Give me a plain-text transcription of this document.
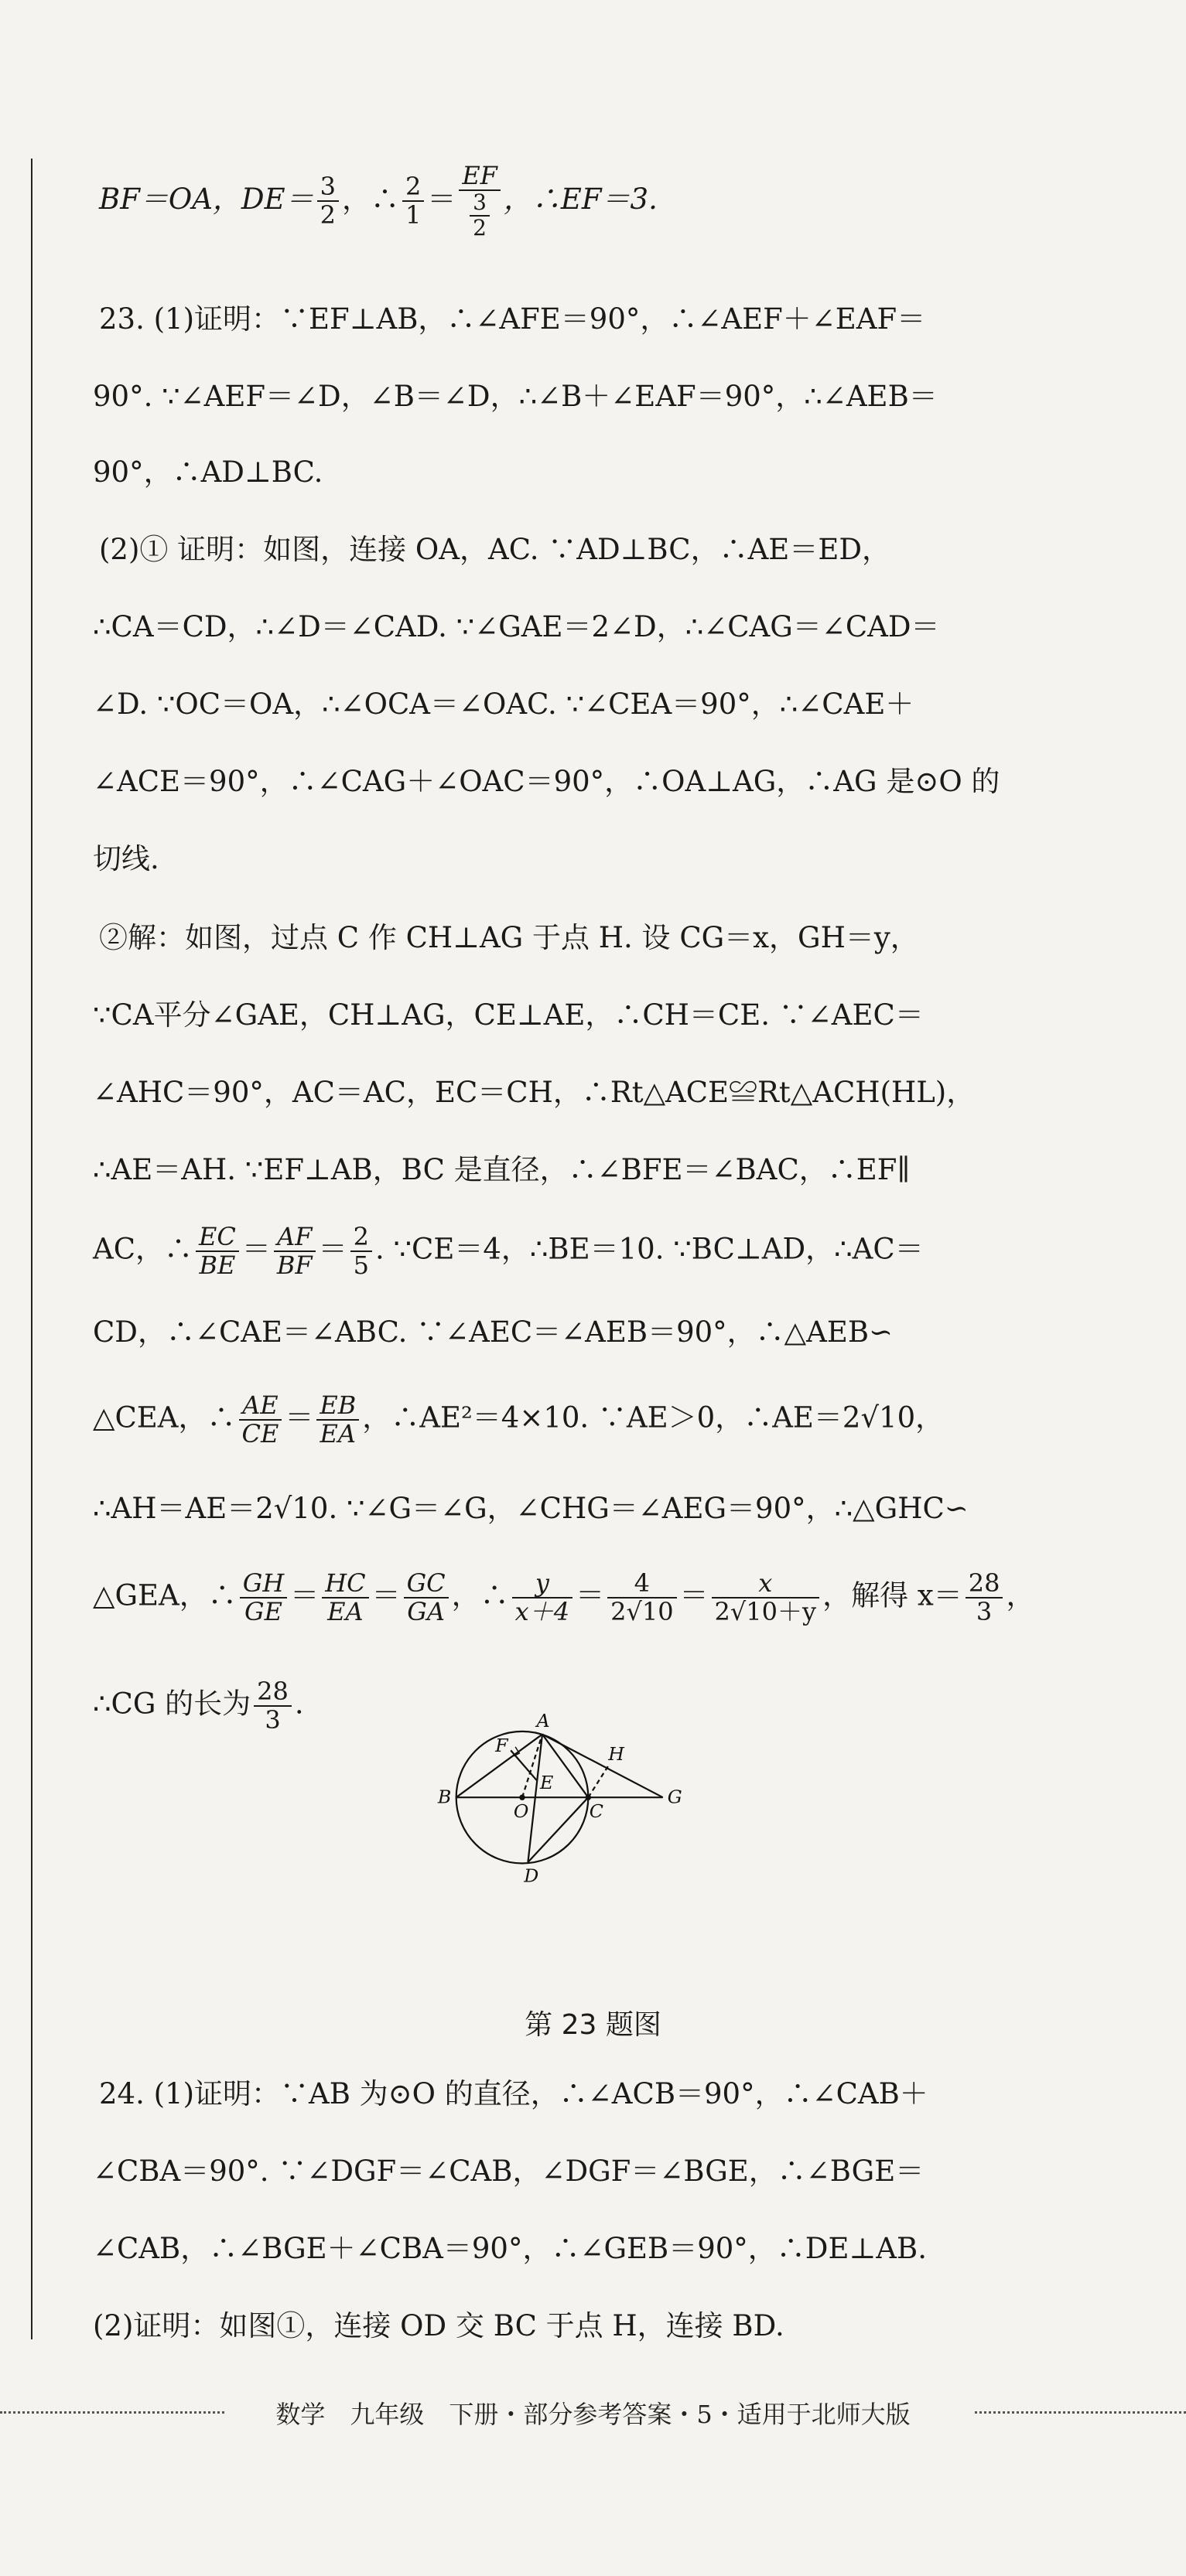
BF＝OA，$DE= \frac{3}{2}$ ，∴ $\frac{2}{1} = \frac{EF}{\frac{3}{2}}$ ，∴EF＝3.
23. (1)证明：∵EF⊥AB，∴∠AFE＝90°，∴∠AEF＋∠EAF＝
90°. ∵∠AEF＝∠D，∠B＝∠D，∴∠B＋∠EAF＝90°，∴∠AEB＝
90°，∴AD⊥BC.
(2)① 证明：如图，连接 OA，AC. ∵AD⊥BC，∴AE＝ED，
∴CA＝CD，∴∠D＝∠CAD. ∵∠GAE＝2∠D，∴∠CAG＝∠CAD＝
∠D. ∵OC＝OA，∴∠OCA＝∠OAC. ∵∠CEA＝90°，∴∠CAE＋
∠ACE＝90°，∴∠CAG＋∠OAC＝90°，∴OA⊥AG，∴AG 是⊙O 的
切线.
②解：如图，过点 C 作 CH⊥AG 于点 H. 设 CG＝x，GH＝y，
∵CA平分∠GAE，CH⊥AG，CE⊥AE，∴CH＝CE. ∵∠AEC＝
∠AHC＝90°，AC＝AC，EC＝CH，∴Rt△ACE≌Rt△ACH(HL)，
∴AE＝AH. ∵EF⊥AB，BC 是直径，∴∠BFE＝∠BAC，∴EF∥
AC，∴ $\frac{EC}{BE} = \frac{AF}{BF} = \frac{2}{5}$ . ∵CE＝4，∴BE＝10. ∵BC⊥AD，∴AC＝
CD，∴∠CAE＝∠ABC. ∵∠AEC＝∠AEB＝90°，∴△AEB∽
△CEA，∴ $\frac{AE}{CE} = \frac{EB}{EA}$ ，∴AE²＝4×10. ∵AE＞0，∴AE＝2√10，
∴AH＝AE＝2√10. ∵∠G＝∠G，∠CHG＝∠AEG＝90°，∴△GHC∽
△GEA，∴ $\frac{GH}{GE} = \frac{HC}{EA} = \frac{GC}{GA}$ ，∴ $\frac{y}{x+4} = \frac{4}{2√10} = \frac{x}{2√10+y}$ ，解得 $x= \frac{28}{3}$ ，
∴CG 的长为 $\frac{28}{3}$ .
24. (1)证明：∵AB 为⊙O 的直径，∴∠ACB＝90°，∴∠CAB＋
∠CBA＝90°. ∵∠DGF＝∠CAB，∠DGF＝∠BGE，∴∠BGE＝
∠CAB，∴∠BGE＋∠CBA＝90°，∴∠GEB＝90°，∴DE⊥AB.
(2)证明：如图①，连接 OD 交 BC 于点 H，连接 BD.
A
F	H
B
E
O C
G
D
第 23 题图
数学　九年级　下册・部分参考答案・5・适用于北师大版
